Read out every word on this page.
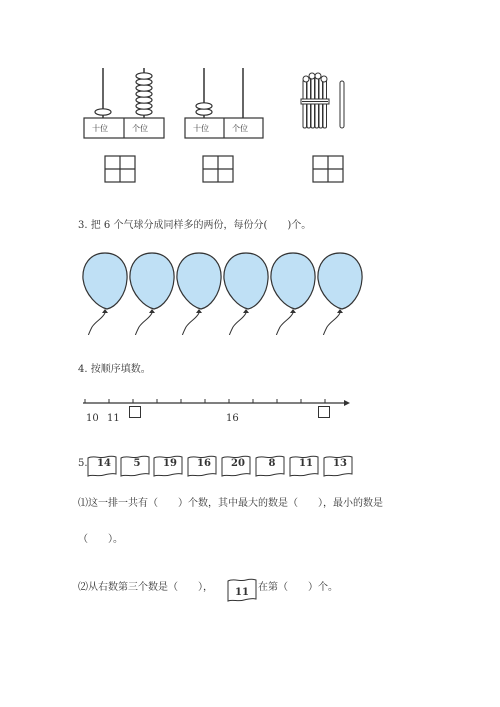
十位	个位	十位	个位
3. 把 6 个气球分成同样多的两份，每份分(　　)个。
4. 按顺序填数。
10 11	16
5. 14	5	19	16	20	8	11	13
⑴这一排一共有（　　）个数，其中最大的数是（　　），最小的数是
（　　）。
⑵从右数第三个数是（　　），	11 在第（　　）个。
